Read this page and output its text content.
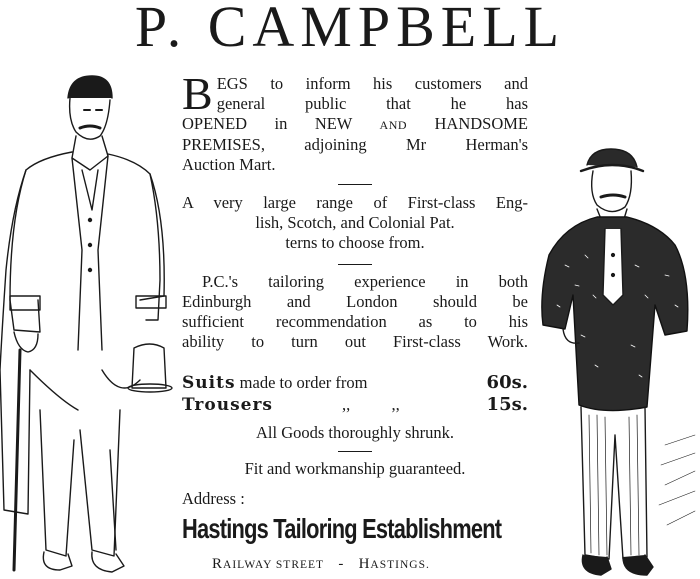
P. CAMPBELL
B EGS to inform his customers and
general public that he has
OPENED in NEW AND HANDSOME
PREMISES, adjoining Mr Herman's
Auction Mart.
A very large range of First-class Eng-
lish, Scotch, and Colonial Pat.
terns to choose from.
P.C.'s tailoring experience in both
Edinburgh and London should be
sufficient recommendation as to his
ability to turn out First-class Work.
Suits made to order from	60s.
Trousers	,,          ,,	15s.
All Goods thoroughly shrunk.
Fit and workmanship guaranteed.
Address :
Hastings Tailoring Establishment
RAILWAY STREET - HASTINGS.
